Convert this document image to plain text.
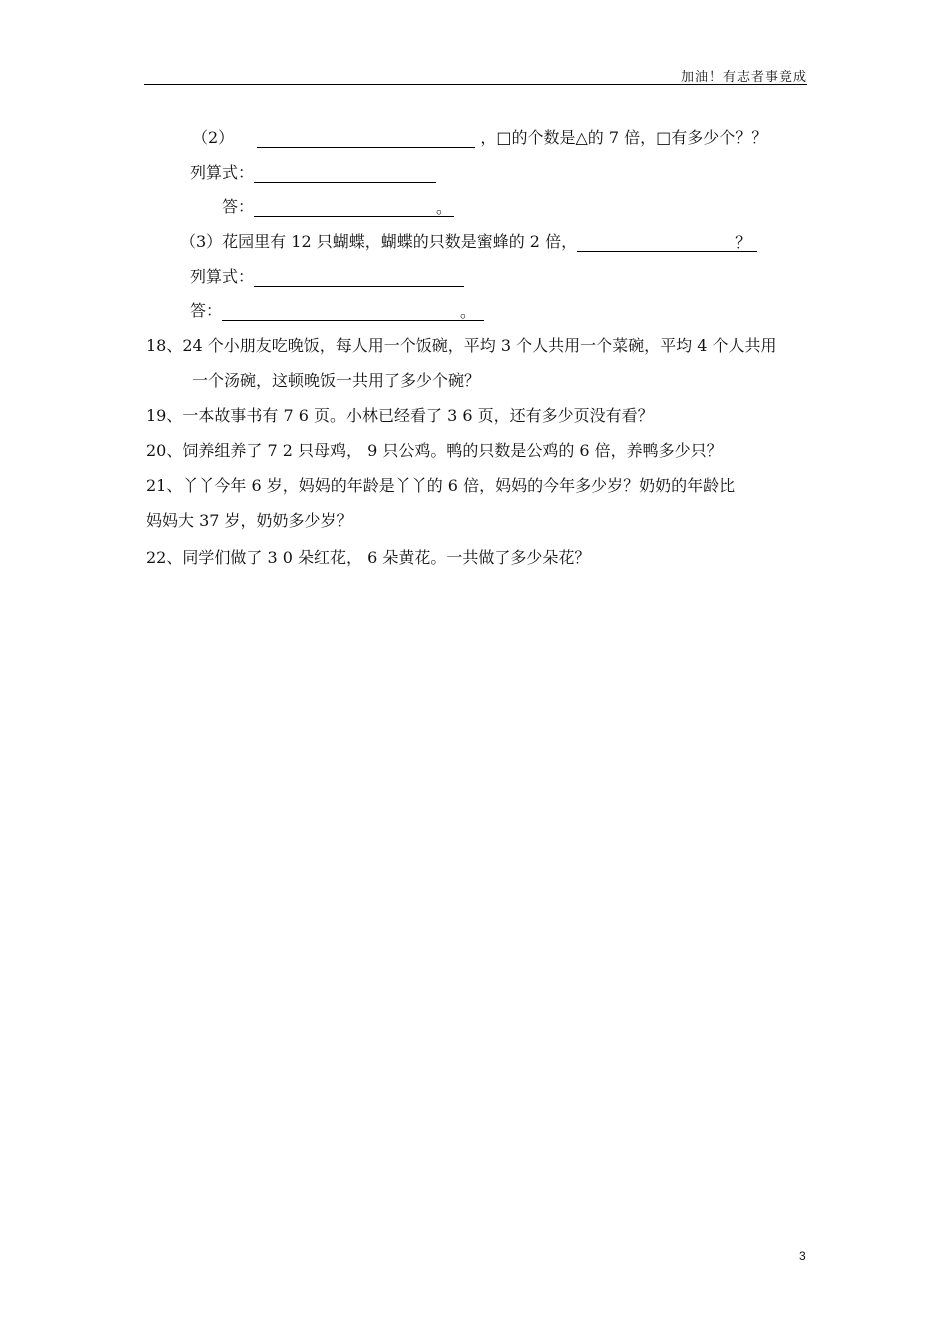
加油！有志者事竟成
（2）	，□的个数是△的 7 倍，□有多少个？？
列算式：
答：	。
（3）花园里有 12 只蝴蝶，蝴蝶的只数是蜜蜂的 2 倍，	？
列算式：
答：	。
18、24 个小朋友吃晚饭，每人用一个饭碗，平均 3 个人共用一个菜碗，平均 4 个人共用
一个汤碗，这顿晚饭一共用了多少个碗？
19、一本故事书有 7 6 页。小林已经看了 3 6 页，还有多少页没有看？
20、饲养组养了 7 2 只母鸡， 9 只公鸡。鸭的只数是公鸡的 6 倍，养鸭多少只？
21、丫丫今年 6 岁，妈妈的年龄是丫丫的 6 倍，妈妈的今年多少岁？奶奶的年龄比
妈妈大 37 岁，奶奶多少岁？
22、同学们做了 3 0 朵红花， 6 朵黄花。一共做了多少朵花？
3
